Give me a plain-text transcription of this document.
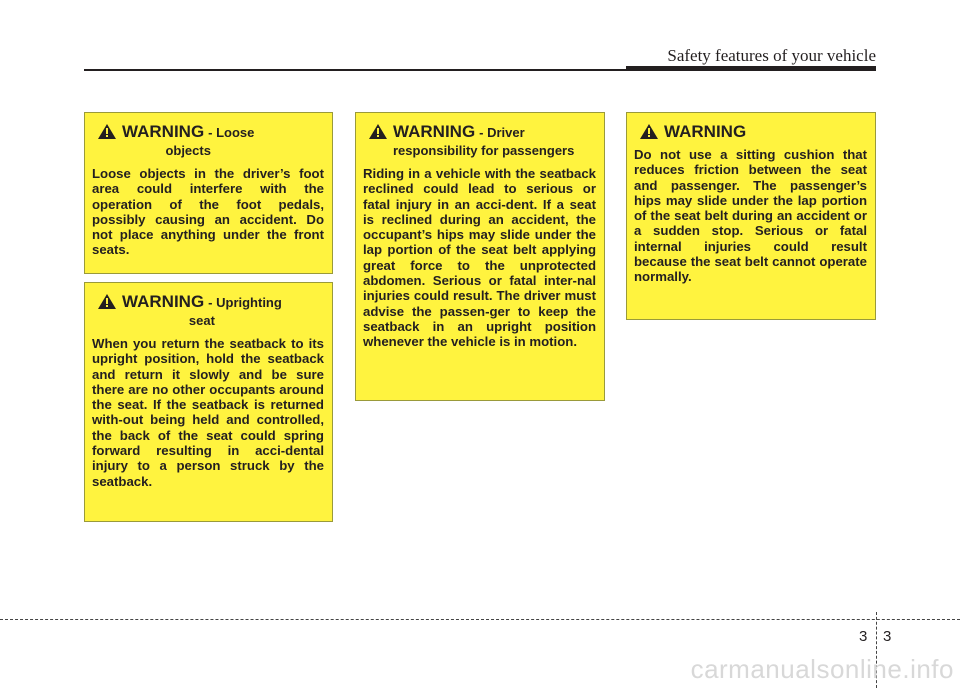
Safety features of your vehicle
WARNING - Loose
objects
Loose objects in the driver’s foot area could interfere with the operation of the foot pedals, possibly causing an accident. Do not place anything under the front seats.
WARNING - Uprighting
seat
When you return the seatback to its upright position, hold the seatback and return it slowly and be sure there are no other occupants around the seat. If the seatback is returned with-out being held and controlled, the back of the seat could spring forward resulting in acci-dental injury to a person struck by the seatback.
WARNING - Driver
responsibility for passengers
Riding in a vehicle with the seatback reclined could lead to serious or fatal injury in an acci-dent. If a seat is reclined during an accident, the occupant’s hips may slide under the lap portion of the seat belt applying great force to the unprotected abdomen. Serious or fatal inter-nal injuries could result. The driver must advise the passen-ger to keep the seatback in an upright position whenever the vehicle is in motion.
WARNING
Do not use a sitting cushion that reduces friction between the seat and passenger. The passenger’s hips may slide under the lap portion of the seat belt during an accident or a sudden stop. Serious or fatal internal injuries could result because the seat belt cannot operate normally.
3 3
carmanualsonline.info
